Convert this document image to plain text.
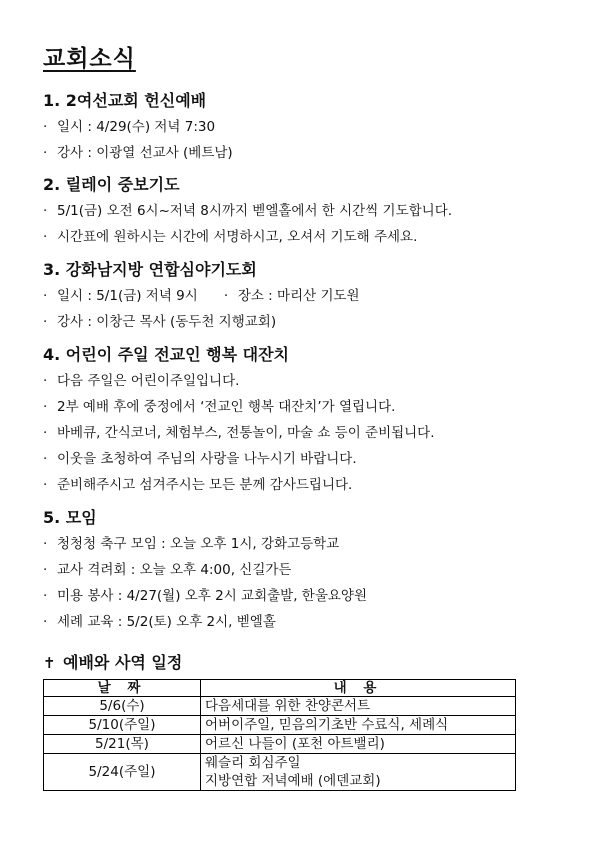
교회소식
1. 2여선교회 헌신예배
· 일시 : 4/29(수) 저녁 7:30
· 강사 : 이광열 선교사 (베트남)
2. 릴레이 중보기도
· 5/1(금) 오전 6시~저녁 8시까지 벧엘홀에서 한 시간씩 기도합니다.
· 시간표에 원하시는 시간에 서명하시고, 오셔서 기도해 주세요.
3. 강화남지방 연합심야기도회
· 일시 : 5/1(금) 저녁 9시 · 장소 : 마리산 기도원
· 강사 : 이창근 목사 (동두천 지행교회)
4. 어린이 주일 전교인 행복 대잔치
· 다음 주일은 어린이주일입니다.
· 2부 예배 후에 중정에서 ‘전교인 행복 대잔치’가 열립니다.
· 바베큐, 간식코너, 체험부스, 전통놀이, 마술 쇼 등이 준비됩니다.
· 이웃을 초청하여 주님의 사랑을 나누시기 바랍니다.
· 준비해주시고 섬겨주시는 모든 분께 감사드립니다.
5. 모임
· 청청청 축구 모임 : 오늘 오후 1시, 강화고등학교
· 교사 격려회 : 오늘 오후 4:00, 신길가든
· 미용 봉사 : 4/27(월) 오후 2시 교회출발, 한울요양원
· 세례 교육 : 5/2(토) 오후 2시, 벧엘홀
✝ 예배와 사역 일정
날 짜	내 용
5/6(수)	다음세대를 위한 찬양콘서트
5/10(주일)	어버이주일, 믿음의기초반 수료식, 세례식
5/21(목)	어르신 나들이 (포천 아트밸리)
5/24(주일)	웨슬리 회심주일
지방연합 저녁예배 (에덴교회)
